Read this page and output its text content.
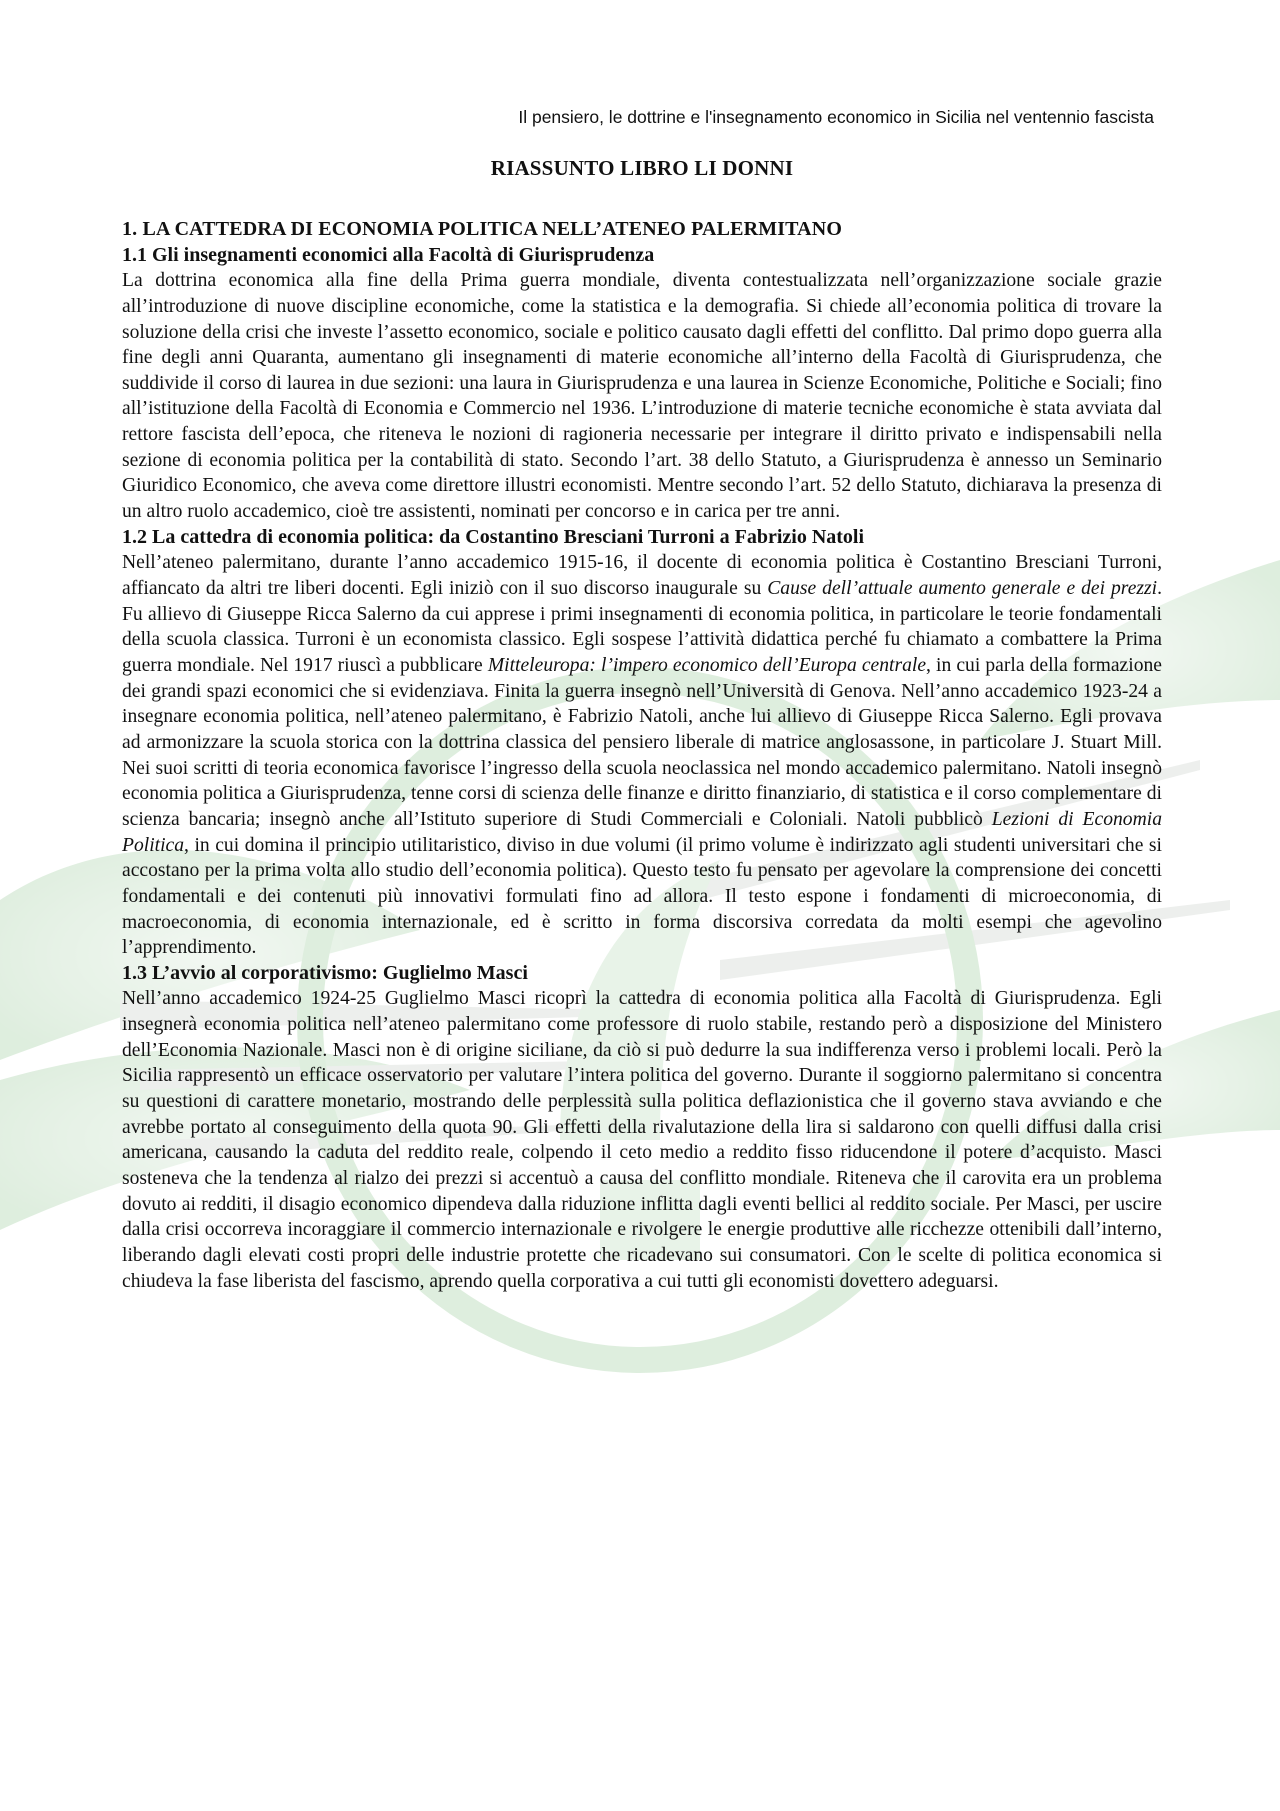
Il pensiero, le dottrine e l'insegnamento economico in Sicilia nel ventennio fascista
RIASSUNTO LIBRO LI DONNI
1. LA CATTEDRA DI ECONOMIA POLITICA NELL’ATENEO PALERMITANO
1.1 Gli insegnamenti economici alla Facoltà di Giurisprudenza

La dottrina economica alla fine della Prima guerra mondiale, diventa contestualizzata nell’organizzazione sociale grazie all’introduzione di nuove discipline economiche, come la statistica e la demografia. Si chiede all’economia politica di trovare la soluzione della crisi che investe l’assetto economico, sociale e politico causato dagli effetti del conflitto. Dal primo dopo guerra alla fine degli anni Quaranta, aumentano gli insegnamenti di materie economiche all’interno della Facoltà di Giurisprudenza, che suddivide il corso di laurea in due sezioni: una laura in Giurisprudenza e una laurea in Scienze Economiche, Politiche e Sociali; fino all’istituzione della Facoltà di Economia e Commercio nel 1936. L’introduzione di materie tecniche economiche è stata avviata dal rettore fascista dell’epoca, che riteneva le nozioni di ragioneria necessarie per integrare il diritto privato e indispensabili nella sezione di economia politica per la contabilità di stato. Secondo l’art. 38 dello Statuto, a Giurisprudenza è annesso un Seminario Giuridico Economico, che aveva come direttore illustri economisti. Mentre secondo l’art. 52 dello Statuto, dichiarava la presenza di un altro ruolo accademico, cioè tre assistenti, nominati per concorso e in carica per tre anni.

1.2 La cattedra di economia politica: da Costantino Bresciani Turroni a Fabrizio Natoli

Nell’ateneo palermitano, durante l’anno accademico 1915-16, il docente di economia politica è Costantino Bresciani Turroni, affiancato da altri tre liberi docenti. Egli iniziò con il suo discorso inaugurale su Cause dell’attuale aumento generale e dei prezzi. Fu allievo di Giuseppe Ricca Salerno da cui apprese i primi insegnamenti di economia politica, in particolare le teorie fondamentali della scuola classica. Turroni è un economista classico. Egli sospese l’attività didattica perché fu chiamato a combattere la Prima guerra mondiale. Nel 1917 riuscì a pubblicare Mitteleuropa: l’impero economico dell’Europa centrale, in cui parla della formazione dei grandi spazi economici che si evidenziava. Finita la guerra insegnò nell’Università di Genova. Nell’anno accademico 1923-24 a insegnare economia politica, nell’ateneo palermitano, è Fabrizio Natoli, anche lui allievo di Giuseppe Ricca Salerno. Egli provava ad armonizzare la scuola storica con la dottrina classica del pensiero liberale di matrice anglosassone, in particolare J. Stuart Mill. Nei suoi scritti di teoria economica favorisce l’ingresso della scuola neoclassica nel mondo accademico palermitano. Natoli insegnò economia politica a Giurisprudenza, tenne corsi di scienza delle finanze e diritto finanziario, di statistica e il corso complementare di scienza bancaria; insegnò anche all’Istituto superiore di Studi Commerciali e Coloniali. Natoli pubblicò Lezioni di Economia Politica, in cui domina il principio utilitaristico, diviso in due volumi (il primo volume è indirizzato agli studenti universitari che si accostano per la prima volta allo studio dell’economia politica). Questo testo fu pensato per agevolare la comprensione dei concetti fondamentali e dei contenuti più innovativi formulati fino ad allora. Il testo espone i fondamenti di microeconomia, di macroeconomia, di economia internazionale, ed è scritto in forma discorsiva corredata da molti esempi che agevolino l’apprendimento.

1.3 L’avvio al corporativismo: Guglielmo Masci

Nell’anno accademico 1924-25 Guglielmo Masci ricoprì la cattedra di economia politica alla Facoltà di Giurisprudenza. Egli insegnerà economia politica nell’ateneo palermitano come professore di ruolo stabile, restando però a disposizione del Ministero dell’Economia Nazionale. Masci non è di origine siciliane, da ciò si può dedurre la sua indifferenza verso i problemi locali. Però la Sicilia rappresentò un efficace osservatorio per valutare l’intera politica del governo. Durante il soggiorno palermitano si concentra su questioni di carattere monetario, mostrando delle perplessità sulla politica deflazionistica che il governo stava avviando e che avrebbe portato al conseguimento della quota 90. Gli effetti della rivalutazione della lira si saldarono con quelli diffusi dalla crisi americana, causando la caduta del reddito reale, colpendo il ceto medio a reddito fisso riducendone il potere d’acquisto. Masci sosteneva che la tendenza al rialzo dei prezzi si accentuò a causa del conflitto mondiale. Riteneva che il carovita era un problema dovuto ai redditi, il disagio economico dipendeva dalla riduzione inflitta dagli eventi bellici al reddito sociale. Per Masci, per uscire dalla crisi occorreva incoraggiare il commercio internazionale e rivolgere le energie produttive alle ricchezze ottenibili dall’interno, liberando dagli elevati costi propri delle industrie protette che ricadevano sui consumatori. Con le scelte di politica economica si chiudeva la fase liberista del fascismo, aprendo quella corporativa a cui tutti gli economisti dovettero adeguarsi.
